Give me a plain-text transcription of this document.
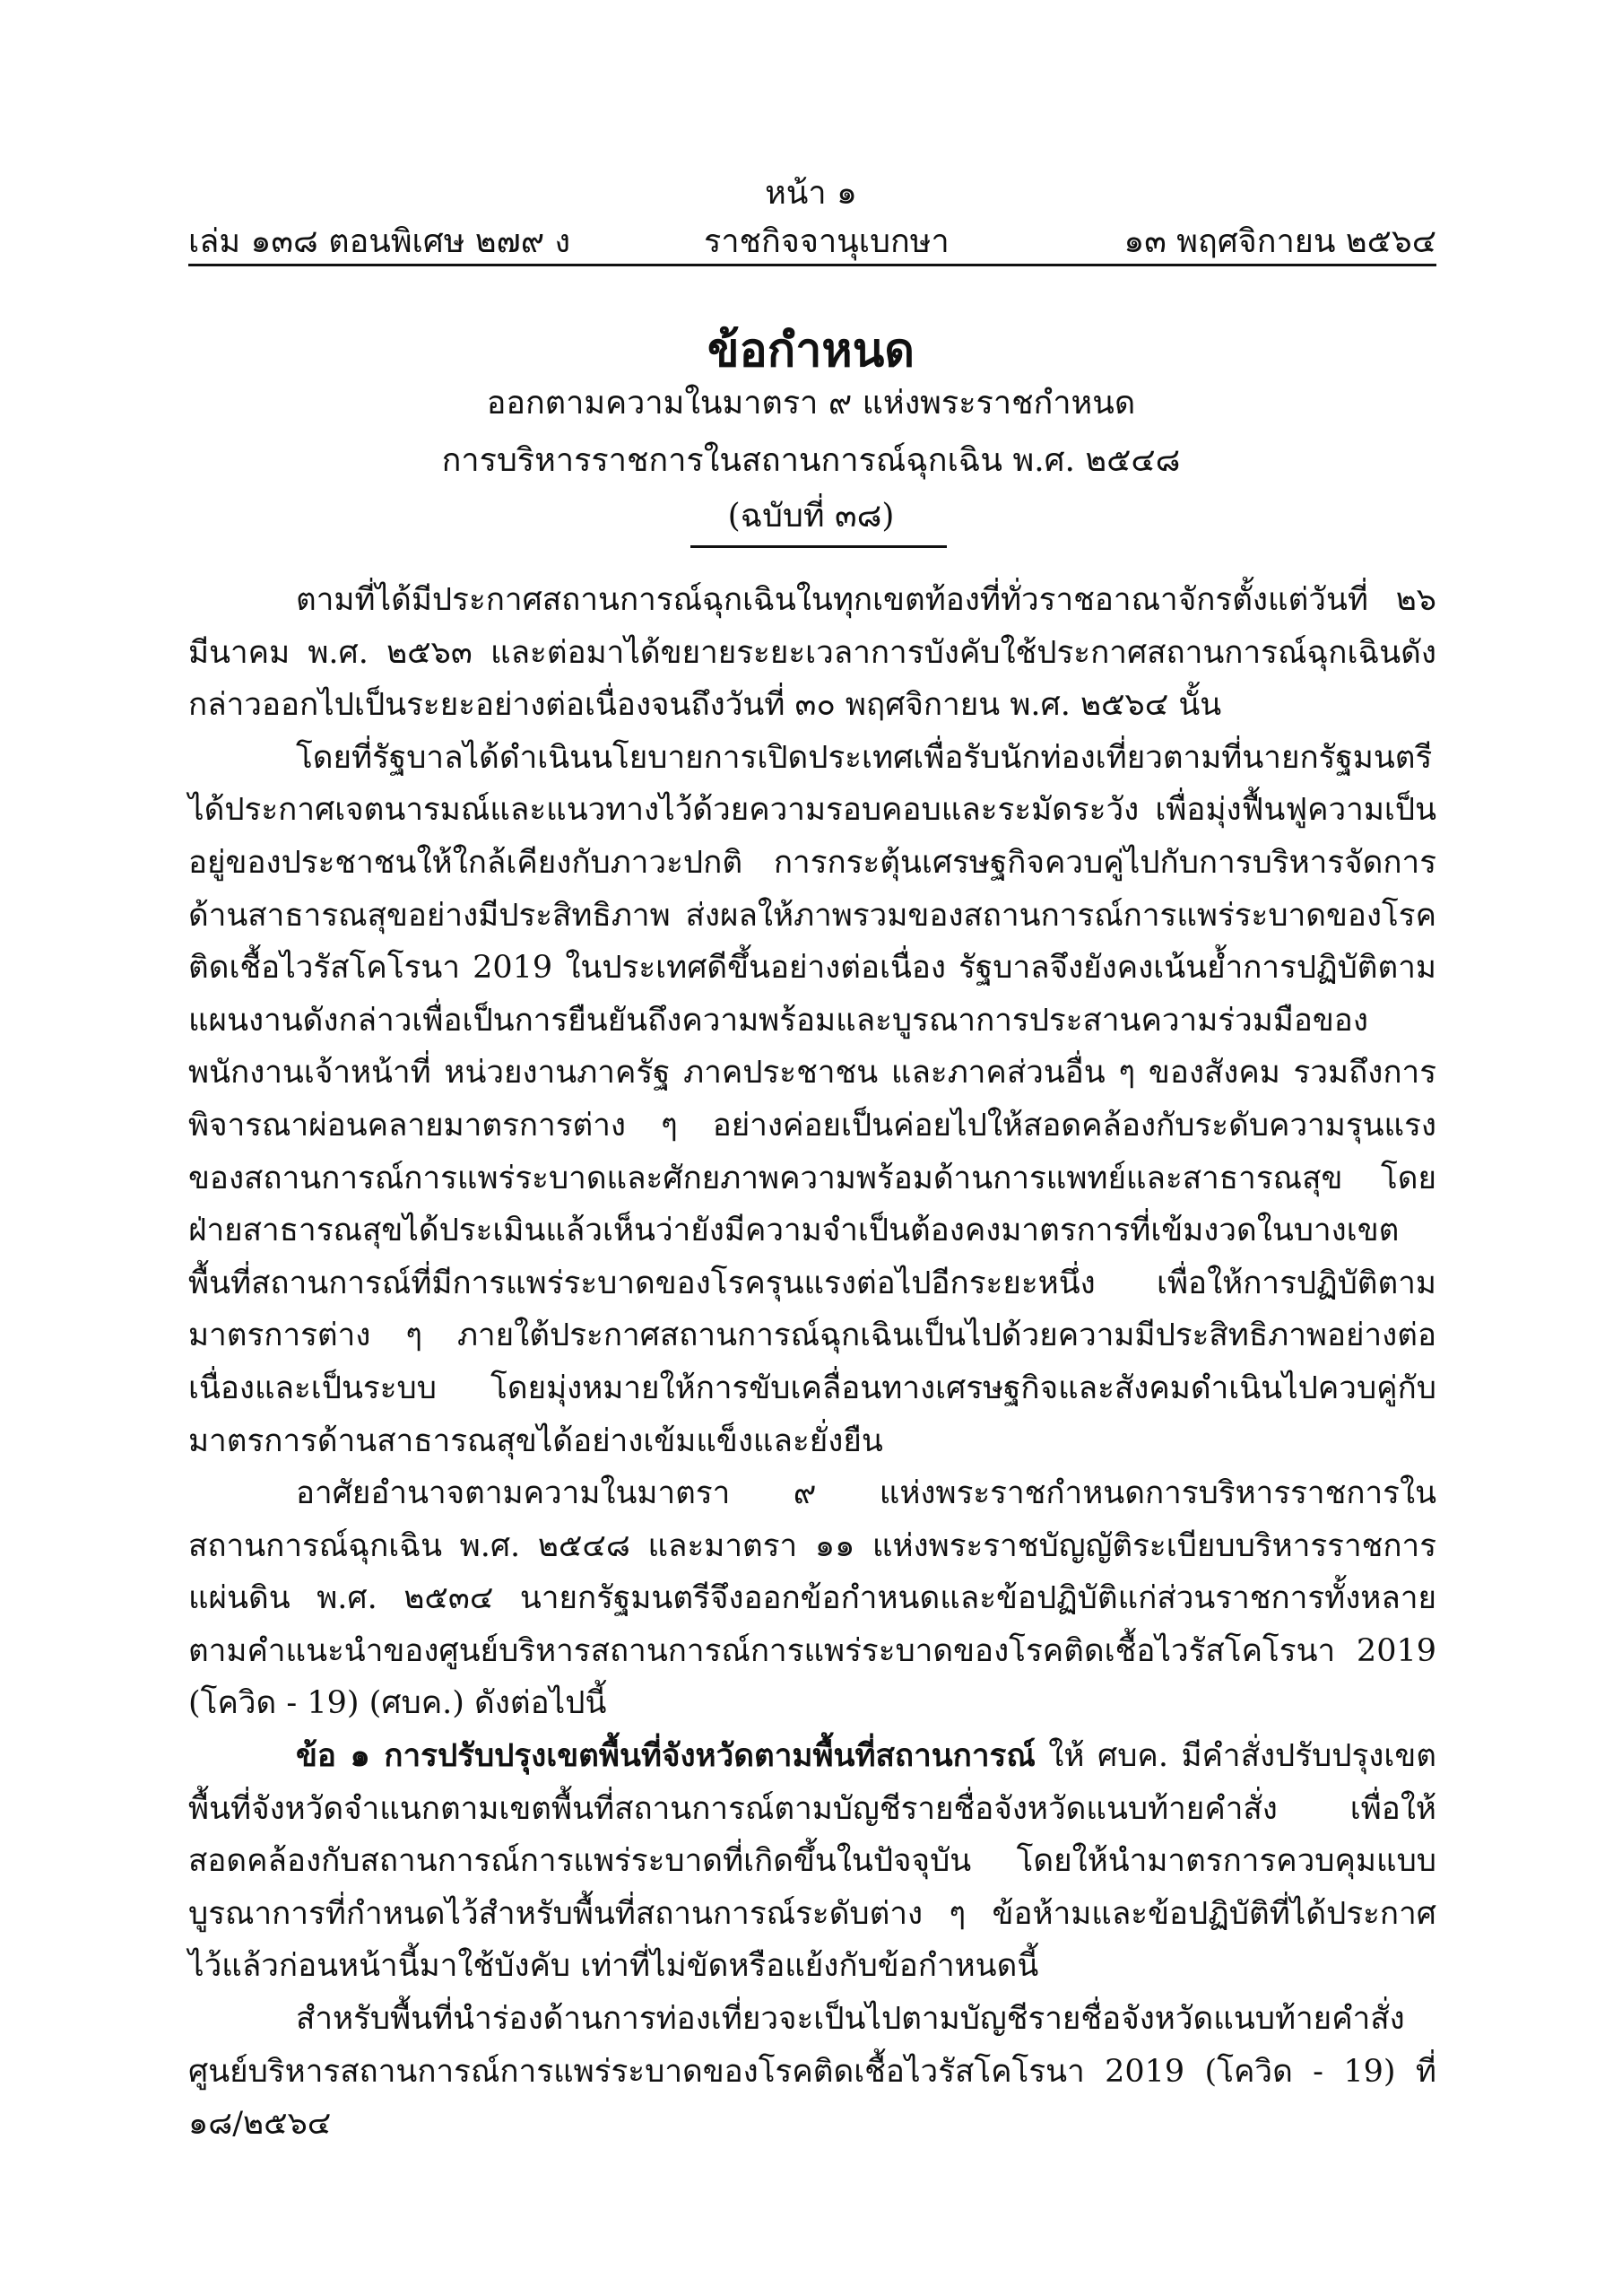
หน้า ๑
เล่ม ๑๓๘ ตอนพิเศษ ๒๗๙ ง	ราชกิจจานุเบกษา	๑๓ พฤศจิกายน ๒๕๖๔
ข้อกำหนด
ออกตามความในมาตรา ๙ แห่งพระราชกำหนด
การบริหารราชการในสถานการณ์ฉุกเฉิน พ.ศ. ๒๕๔๘
(ฉบับที่ ๓๘)

ตามที่ได้มีประกาศสถานการณ์ฉุกเฉินในทุกเขตท้องที่ทั่วราชอาณาจักรตั้งแต่วันที่ ๒๖ มีนาคม พ.ศ. ๒๕๖๓ และต่อมาได้ขยายระยะเวลาการบังคับใช้ประกาศสถานการณ์ฉุกเฉินดังกล่าวออกไปเป็นระยะอย่างต่อเนื่องจนถึงวันที่ ๓๐ พฤศจิกายน พ.ศ. ๒๕๖๔ นั้น

โดยที่รัฐบาลได้ดำเนินนโยบายการเปิดประเทศเพื่อรับนักท่องเที่ยวตามที่นายกรัฐมนตรีได้ประกาศเจตนารมณ์และแนวทางไว้ด้วยความรอบคอบและระมัดระวัง เพื่อมุ่งฟื้นฟูความเป็นอยู่ของประชาชนให้ใกล้เคียงกับภาวะปกติ การกระตุ้นเศรษฐกิจควบคู่ไปกับการบริหารจัดการด้านสาธารณสุขอย่างมีประสิทธิภาพ ส่งผลให้ภาพรวมของสถานการณ์การแพร่ระบาดของโรคติดเชื้อไวรัสโคโรนา 2019 ในประเทศดีขึ้นอย่างต่อเนื่อง รัฐบาลจึงยังคงเน้นย้ำการปฏิบัติตามแผนงานดังกล่าวเพื่อเป็นการยืนยันถึงความพร้อมและบูรณาการประสานความร่วมมือของพนักงานเจ้าหน้าที่ หน่วยงานภาครัฐ ภาคประชาชน และภาคส่วนอื่น ๆ ของสังคม รวมถึงการพิจารณาผ่อนคลายมาตรการต่าง ๆ อย่างค่อยเป็นค่อยไปให้สอดคล้องกับระดับความรุนแรงของสถานการณ์การแพร่ระบาดและศักยภาพความพร้อมด้านการแพทย์และสาธารณสุข โดยฝ่ายสาธารณสุขได้ประเมินแล้วเห็นว่ายังมีความจำเป็นต้องคงมาตรการที่เข้มงวดในบางเขตพื้นที่สถานการณ์ที่มีการแพร่ระบาดของโรครุนแรงต่อไปอีกระยะหนึ่ง เพื่อให้การปฏิบัติตามมาตรการต่าง ๆ ภายใต้ประกาศสถานการณ์ฉุกเฉินเป็นไปด้วยความมีประสิทธิภาพอย่างต่อเนื่องและเป็นระบบ โดยมุ่งหมายให้การขับเคลื่อนทางเศรษฐกิจและสังคมดำเนินไปควบคู่กับมาตรการด้านสาธารณสุขได้อย่างเข้มแข็งและยั่งยืน

อาศัยอำนาจตามความในมาตรา ๙ แห่งพระราชกำหนดการบริหารราชการในสถานการณ์ฉุกเฉิน พ.ศ. ๒๕๔๘ และมาตรา ๑๑ แห่งพระราชบัญญัติระเบียบบริหารราชการแผ่นดิน พ.ศ. ๒๕๓๔ นายกรัฐมนตรีจึงออกข้อกำหนดและข้อปฏิบัติแก่ส่วนราชการทั้งหลายตามคำแนะนำของศูนย์บริหารสถานการณ์การแพร่ระบาดของโรคติดเชื้อไวรัสโคโรนา 2019 (โควิด - 19) (ศบค.) ดังต่อไปนี้

ข้อ ๑ การปรับปรุงเขตพื้นที่จังหวัดตามพื้นที่สถานการณ์ ให้ ศบค. มีคำสั่งปรับปรุงเขตพื้นที่จังหวัดจำแนกตามเขตพื้นที่สถานการณ์ตามบัญชีรายชื่อจังหวัดแนบท้ายคำสั่ง เพื่อให้สอดคล้องกับสถานการณ์การแพร่ระบาดที่เกิดขึ้นในปัจจุบัน โดยให้นำมาตรการควบคุมแบบบูรณาการที่กำหนดไว้สำหรับพื้นที่สถานการณ์ระดับต่าง ๆ ข้อห้ามและข้อปฏิบัติที่ได้ประกาศไว้แล้วก่อนหน้านี้มาใช้บังคับ เท่าที่ไม่ขัดหรือแย้งกับข้อกำหนดนี้

สำหรับพื้นที่นำร่องด้านการท่องเที่ยวจะเป็นไปตามบัญชีรายชื่อจังหวัดแนบท้ายคำสั่งศูนย์บริหารสถานการณ์การแพร่ระบาดของโรคติดเชื้อไวรัสโคโรนา 2019 (โควิด - 19) ที่ ๑๘/๒๕๖๔
